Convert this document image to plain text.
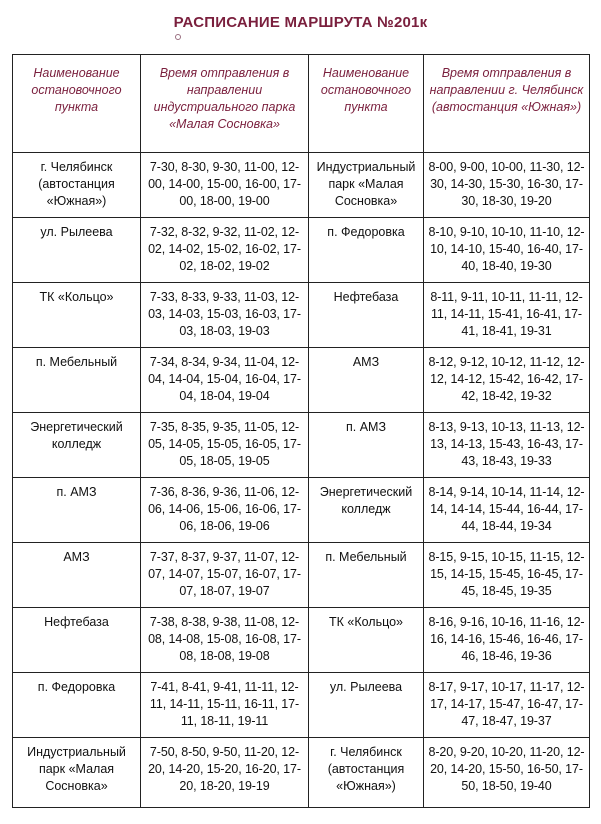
РАСПИСАНИЕ МАРШРУТА №201к
Наименование остановочного пункта	Время отправления в направлении индустриального парка «Малая Сосновка»	Наименование остановочного пункта	Время отправления в направлении г. Челябинск (автостанция «Южная»)
г. Челябинск (автостанция «Южная»)	7-30, 8-30, 9-30, 11-00, 12-00, 14-00, 15-00, 16-00, 17-00, 18-00, 19-00	Индустриальный парк «Малая Сосновка»	8-00, 9-00, 10-00, 11-30, 12-30, 14-30, 15-30, 16-30, 17-30, 18-30, 19-20
ул. Рылеева	7-32, 8-32, 9-32, 11-02, 12-02, 14-02, 15-02, 16-02, 17-02, 18-02, 19-02	п. Федоровка	8-10, 9-10, 10-10, 11-10, 12-10, 14-10, 15-40, 16-40, 17-40, 18-40, 19-30
ТК «Кольцо»	7-33, 8-33, 9-33, 11-03, 12-03, 14-03, 15-03, 16-03, 17-03, 18-03, 19-03	Нефтебаза	8-11, 9-11, 10-11, 11-11, 12-11, 14-11, 15-41, 16-41, 17-41, 18-41, 19-31
п. Мебельный	7-34, 8-34, 9-34, 11-04, 12-04, 14-04, 15-04, 16-04, 17-04, 18-04, 19-04	АМЗ	8-12, 9-12, 10-12, 11-12, 12-12, 14-12, 15-42, 16-42, 17-42, 18-42, 19-32
Энергетический колледж	7-35, 8-35, 9-35, 11-05, 12-05, 14-05, 15-05, 16-05, 17-05, 18-05, 19-05	п. АМЗ	8-13, 9-13, 10-13, 11-13, 12-13, 14-13, 15-43, 16-43, 17-43, 18-43, 19-33
п. АМЗ	7-36, 8-36, 9-36, 11-06, 12-06, 14-06, 15-06, 16-06, 17-06, 18-06, 19-06	Энергетический колледж	8-14, 9-14, 10-14, 11-14, 12-14, 14-14, 15-44, 16-44, 17-44, 18-44, 19-34
АМЗ	7-37, 8-37, 9-37, 11-07, 12-07, 14-07, 15-07, 16-07, 17-07, 18-07, 19-07	п. Мебельный	8-15, 9-15, 10-15, 11-15, 12-15, 14-15, 15-45, 16-45, 17-45, 18-45, 19-35
Нефтебаза	7-38, 8-38, 9-38, 11-08, 12-08, 14-08, 15-08, 16-08, 17-08, 18-08, 19-08	ТК «Кольцо»	8-16, 9-16, 10-16, 11-16, 12-16, 14-16, 15-46, 16-46, 17-46, 18-46, 19-36
п. Федоровка	7-41, 8-41, 9-41, 11-11, 12-11, 14-11, 15-11, 16-11, 17-11, 18-11, 19-11	ул. Рылеева	8-17, 9-17, 10-17, 11-17, 12-17, 14-17, 15-47, 16-47, 17-47, 18-47, 19-37
Индустриальный парк «Малая Сосновка»	7-50, 8-50, 9-50, 11-20, 12-20, 14-20, 15-20, 16-20, 17-20, 18-20, 19-19	г. Челябинск (автостанция «Южная»)	8-20, 9-20, 10-20, 11-20, 12-20, 14-20, 15-50, 16-50, 17-50, 18-50, 19-40
